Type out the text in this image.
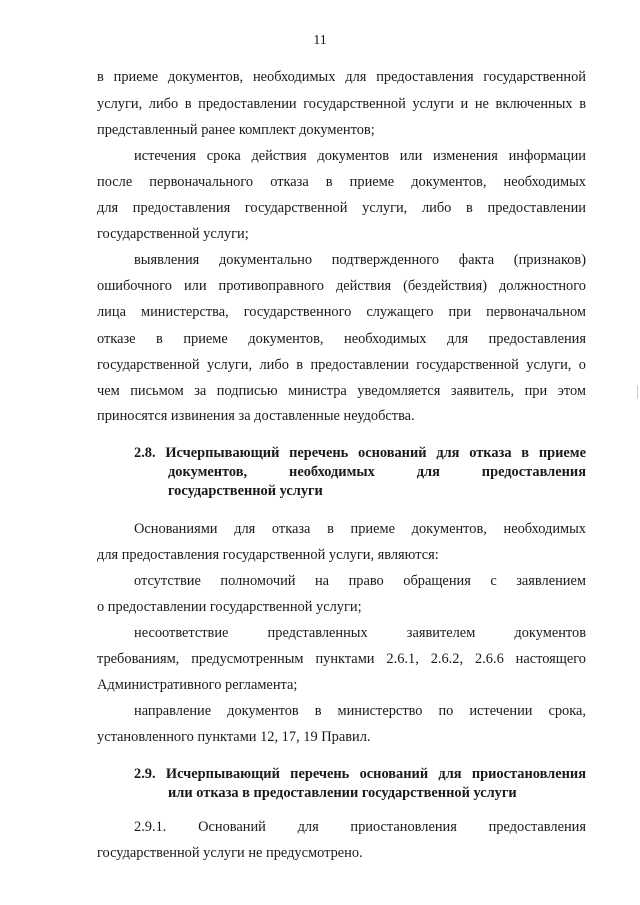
11
в приеме документов, необходимых для предоставления государственной
услуги, либо в предоставлении государственной услуги и не включенных в
представленный ранее комплект документов;
истечения срока действия документов или изменения информации
после первоначального отказа в приеме документов, необходимых
для предоставления государственной услуги, либо в предоставлении
государственной услуги;
выявления документально подтвержденного факта (признаков)
ошибочного или противоправного действия (бездействия) должностного
лица министерства, государственного служащего при первоначальном
отказе в приеме документов, необходимых для предоставления
государственной услуги, либо в предоставлении государственной услуги, о
чем письмом за подписью министра уведомляется заявитель, при этом
приносятся извинения за доставленные неудобства.
2.8. Исчерпывающий перечень оснований для отказа в приеме
документов, необходимых для предоставления
государственной услуги
Основаниями для отказа в приеме документов, необходимых
для предоставления государственной услуги, являются:
отсутствие полномочий на право обращения с заявлением
о предоставлении государственной услуги;
несоответствие представленных заявителем документов
требованиям, предусмотренным пунктами 2.6.1, 2.6.2, 2.6.6 настоящего
Административного регламента;
направление документов в министерство по истечении срока,
установленного пунктами 12, 17, 19 Правил.
2.9. Исчерпывающий перечень оснований для приостановления
или отказа в предоставлении государственной услуги
2.9.1. Оснований для приостановления предоставления
государственной услуги не предусмотрено.
